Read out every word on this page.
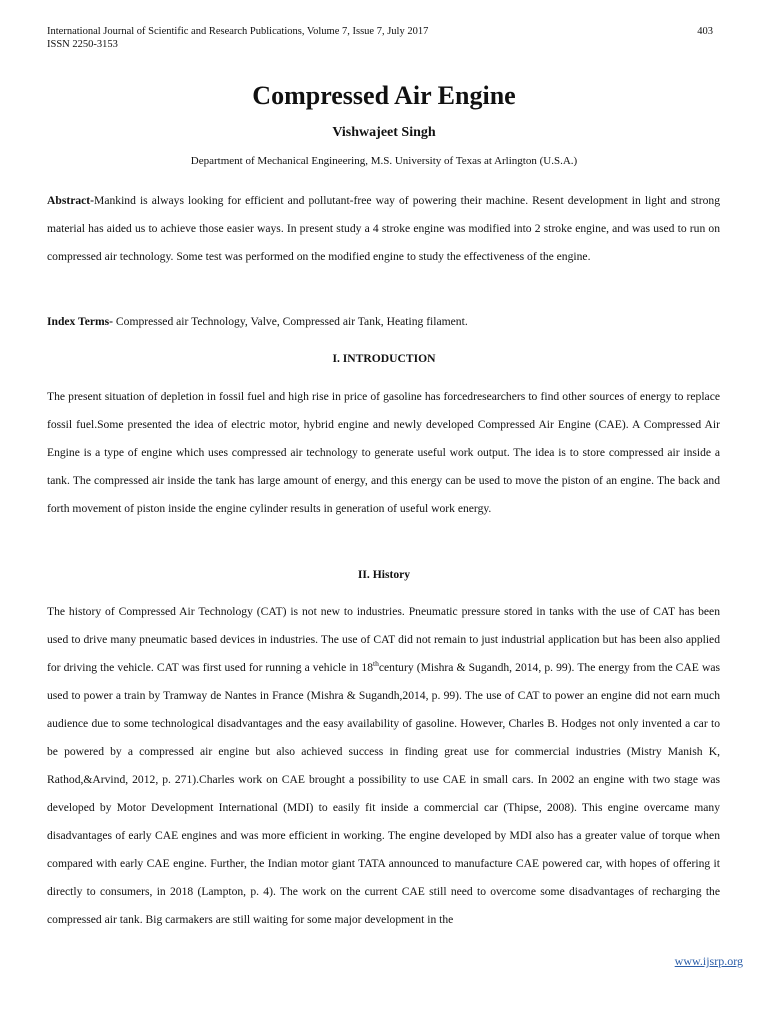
International Journal of Scientific and Research Publications, Volume 7, Issue 7, July 2017
ISSN 2250-3153
403
Compressed Air Engine
Vishwajeet Singh
Department of Mechanical Engineering, M.S. University of Texas at Arlington (U.S.A.)

Abstract-Mankind is always looking for efficient and pollutant-free way of powering their machine. Resent development in light and strong material has aided us to achieve those easier ways. In present study a 4 stroke engine was modified into 2 stroke engine, and was used to run on compressed air technology. Some test was performed on the modified engine to study the effectiveness of the engine.

Index Terms- Compressed air Technology, Valve, Compressed air Tank, Heating filament.

I. INTRODUCTION

The present situation of depletion in fossil fuel and high rise in price of gasoline has forcedresearchers to find other sources of energy to replace fossil fuel.Some presented the idea of electric motor, hybrid engine and newly developed Compressed Air Engine (CAE). A Compressed Air Engine is a type of engine which uses compressed air technology to generate useful work output. The idea is to store compressed air inside a tank. The compressed air inside the tank has large amount of energy, and this energy can be used to move the piston of an engine. The back and forth movement of piston inside the engine cylinder results in generation of useful work energy.

II. History

The history of Compressed Air Technology (CAT) is not new to industries. Pneumatic pressure stored in tanks with the use of CAT has been used to drive many pneumatic based devices in industries. The use of CAT did not remain to just industrial application but has been also applied for driving the vehicle. CAT was first used for running a vehicle in 18thcentury (Mishra & Sugandh, 2014, p. 99). The energy from the CAE was used to power a train by Tramway de Nantes in France (Mishra & Sugandh,2014, p. 99). The use of CAT to power an engine did not earn much audience due to some technological disadvantages and the easy availability of gasoline. However, Charles B. Hodges not only invented a car to be powered by a compressed air engine but also achieved success in finding great use for commercial industries (Mistry Manish K, Rathod,&Arvind, 2012, p. 271).Charles work on CAE brought a possibility to use CAE in small cars. In 2002 an engine with two stage was developed by Motor Development International (MDI) to easily fit inside a commercial car (Thipse, 2008). This engine overcame many disadvantages of early CAE engines and was more efficient in working. The engine developed by MDI also has a greater value of torque when compared with early CAE engine. Further, the Indian motor giant TATA announced to manufacture CAE powered car, with hopes of offering it directly to consumers, in 2018 (Lampton, p. 4). The work on the current CAE still need to overcome some disadvantages of recharging the compressed air tank. Big carmakers are still waiting for some major development in the

www.ijsrp.org
